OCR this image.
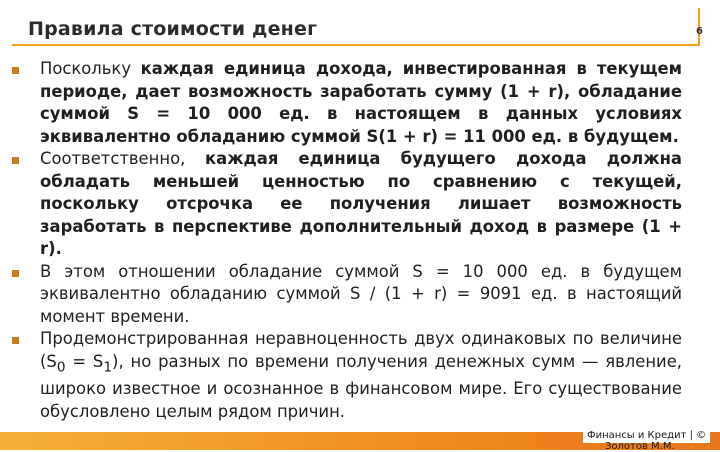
Правила стоимости денег	6
Поскольку каждая единица дохода, инвестированная в текущем периоде, дает возможность заработать сумму (1 + r), обладание суммой S = 10 000 ед. в настоящем в данных условиях эквивалентно обладанию суммой S(1 + r) = 11 000 ед. в будущем.
Соответственно, каждая единица будущего дохода должна обладать меньшей ценностью по сравнению с текущей, поскольку отсрочка ее получения лишает возможность заработать в перспективе дополнительный доход в размере (1 + r).
В этом отношении обладание суммой S = 10 000 ед. в будущем эквивалентно обладанию суммой S / (1 + r) = 9091 ед. в настоящий момент времени.
Продемонстрированная неравноценность двух одинаковых по величине $(S_0 = S_1)$, но разных по времени получения денежных сумм — явление, широко известное и осознанное в финансовом мире. Его существование обусловлено целым рядом причин.
Финансы и Кредит | ©
Золотов М.М.
